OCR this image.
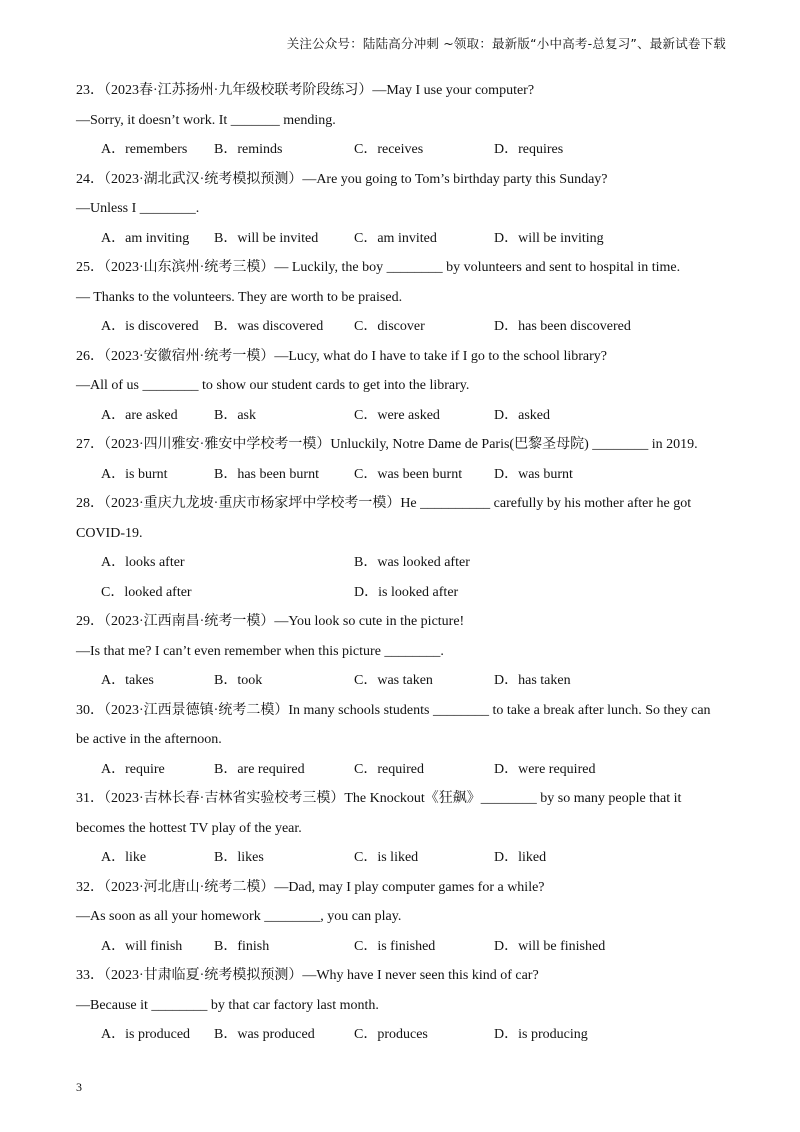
关注公众号：陆陆高分冲刺 ~领取：最新版“小中高考-总复习”、最新试卷下载
23．（2023春·江苏扬州·九年级校联考阶段练习）—May I use your computer?
—Sorry, it doesn’t work. It _______ mending.
A．remembers	B．reminds	C．receives	D．requires
24．（2023·湖北武汉·统考模拟预测）—Are you going to Tom’s birthday party this Sunday?
—Unless I ________.
A．am inviting	B．will be invited	C．am invited	D．will be inviting
25．（2023·山东滨州·统考三模）— Luckily, the boy ________ by volunteers and sent to hospital in time.
— Thanks to the volunteers. They are worth to be praised.
A．is discovered	B．was discovered	C．discover	D．has been discovered
26．（2023·安徽宿州·统考一模）—Lucy, what do I have to take if I go to the school library?
—All of us ________ to show our student cards to get into the library.
A．are asked	B．ask	C．were asked	D．asked
27．（2023·四川雅安·雅安中学校考一模）Unluckily, Notre Dame de Paris(巴黎圣母院) ________ in 2019.
A．is burnt	B．has been burnt	C．was been burnt	D．was burnt
28．（2023·重庆九龙坡·重庆市杨家坪中学校考一模）He __________ carefully by his mother after he got
COVID-19.
A．looks after	B．was looked after
C．looked after	D．is looked after
29．（2023·江西南昌·统考一模）—You look so cute in the picture!
—Is that me? I can’t even remember when this picture ________.
A．takes	B．took	C．was taken	D．has taken
30．（2023·江西景德镇·统考二模）In many schools students ________ to take a break after lunch. So they can
be active in the afternoon.
A．require	B．are required	C．required	D．were required
31．（2023·吉林长春·吉林省实验校考三模）The Knockout《狂飙》________ by so many people that it
becomes the hottest TV play of the year.
A．like	B．likes	C．is liked	D．liked
32．（2023·河北唐山·统考二模）—Dad, may I play computer games for a while?
—As soon as all your homework ________, you can play.
A．will finish	B．finish	C．is finished	D．will be finished
33．（2023·甘肃临夏·统考模拟预测）—Why have I never seen this kind of car?
—Because it ________ by that car factory last month.
A．is produced	B．was produced	C．produces	D．is producing
3
